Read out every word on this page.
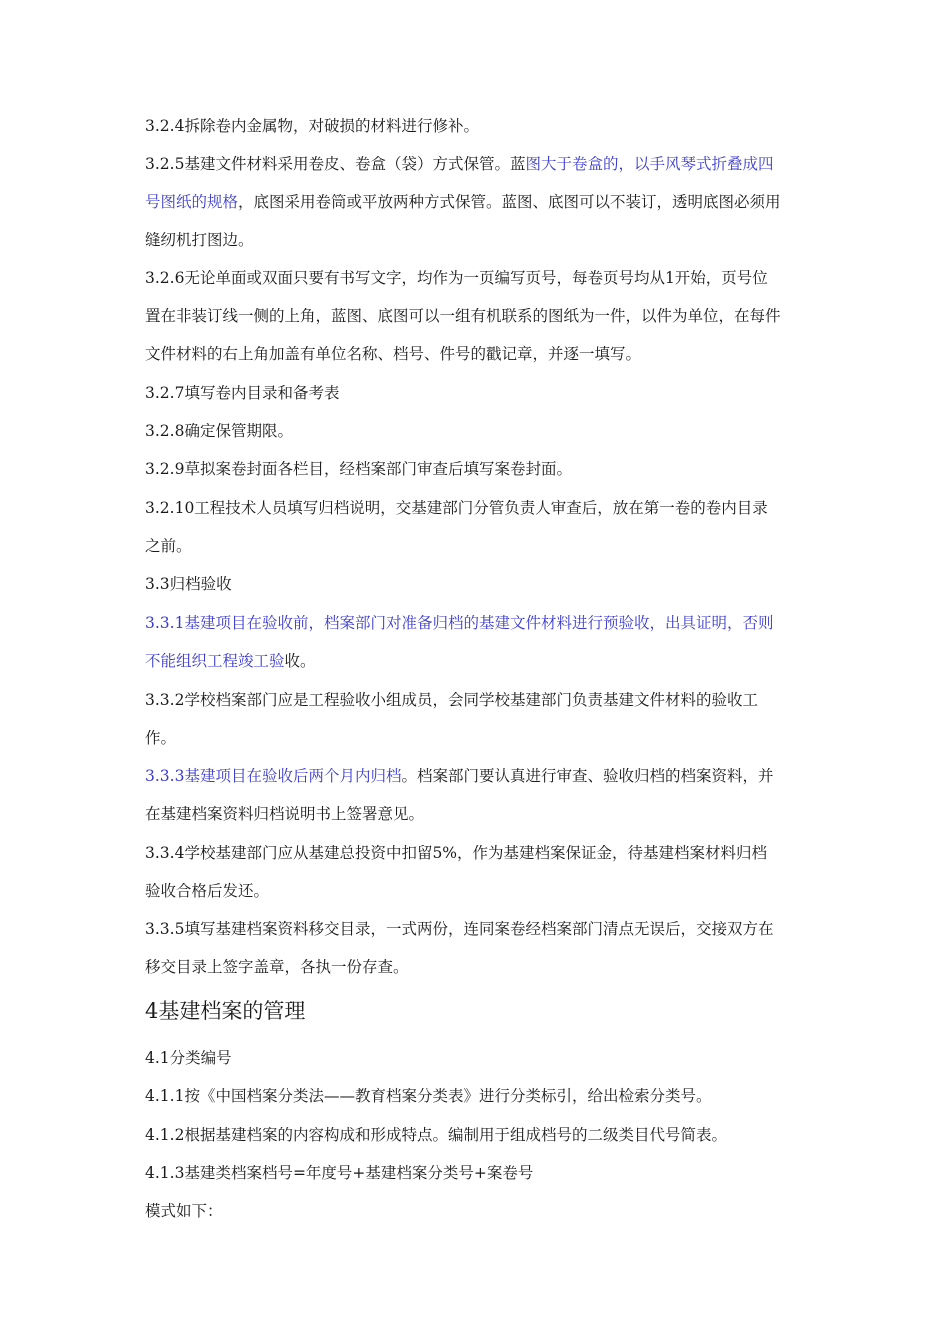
3.2.4拆除卷内金属物，对破损的材料进行修补。
3.2.5基建文件材料采用卷皮、卷盒（袋）方式保管。蓝图大于卷盒的，以手风琴式折叠成四
号图纸的规格，底图采用卷筒或平放两种方式保管。蓝图、底图可以不装订，透明底图必须用
缝纫机打图边。
3.2.6无论单面或双面只要有书写文字，均作为一页编写页号，每卷页号均从1开始，页号位
置在非装订线一侧的上角，蓝图、底图可以一组有机联系的图纸为一件，以件为单位，在每件
文件材料的右上角加盖有单位名称、档号、件号的戳记章，并逐一填写。
3.2.7填写卷内目录和备考表
3.2.8确定保管期限。
3.2.9草拟案卷封面各栏目，经档案部门审查后填写案卷封面。
3.2.10工程技术人员填写归档说明，交基建部门分管负责人审查后，放在第一卷的卷内目录
之前。
3.3归档验收
3.3.1基建项目在验收前，档案部门对准备归档的基建文件材料进行预验收，出具证明，否则
不能组织工程竣工验收。
3.3.2学校档案部门应是工程验收小组成员，会同学校基建部门负责基建文件材料的验收工
作。
3.3.3基建项目在验收后两个月内归档。档案部门要认真进行审查、验收归档的档案资料，并
在基建档案资料归档说明书上签署意见。
3.3.4学校基建部门应从基建总投资中扣留5%，作为基建档案保证金，待基建档案材料归档
验收合格后发还。
3.3.5填写基建档案资料移交目录，一式两份，连同案卷经档案部门清点无误后，交接双方在
移交目录上签字盖章，各执一份存查。
4基建档案的管理
4.1分类编号
4.1.1按《中国档案分类法——教育档案分类表》进行分类标引，给出检索分类号。
4.1.2根据基建档案的内容构成和形成特点。编制用于组成档号的二级类目代号简表。
4.1.3基建类档案档号=年度号+基建档案分类号+案卷号
模式如下：
